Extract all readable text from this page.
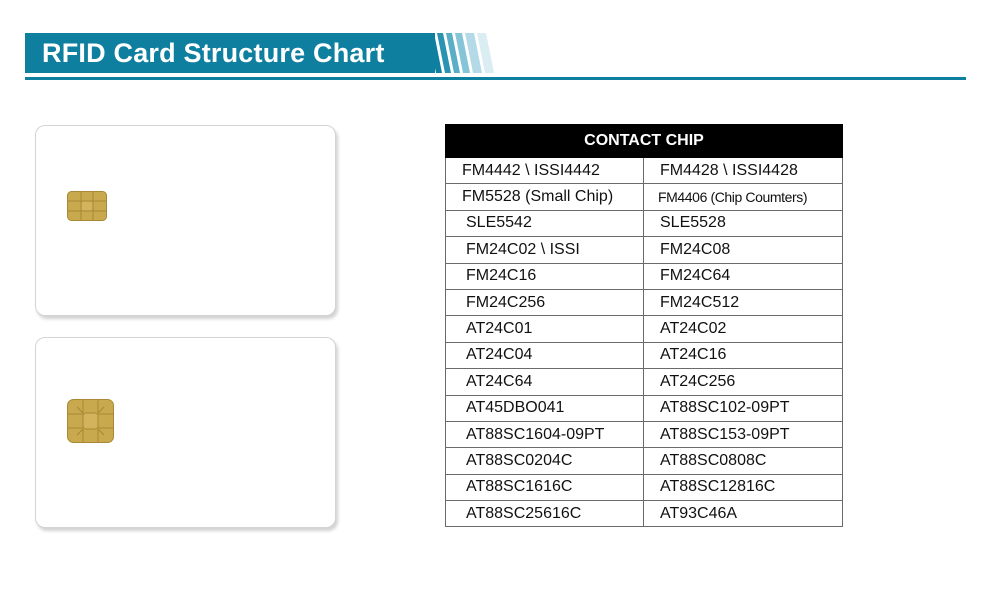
RFID Card Structure Chart
CONTACT CHIP	
FM4442 \ ISSI4442	FM4428 \ ISSI4428
FM5528 (Small Chip)	FM4406 (Chip Coumters)
SLE5542	SLE5528
FM24C02 \ ISSI	FM24C08
FM24C16	FM24C64
FM24C256	FM24C512
AT24C01	AT24C02
AT24C04	AT24C16
AT24C64	AT24C256
AT45DBO041	AT88SC102-09PT
AT88SC1604-09PT	AT88SC153-09PT
AT88SC0204C	AT88SC0808C
AT88SC1616C	AT88SC12816C
AT88SC25616C	AT93C46A
